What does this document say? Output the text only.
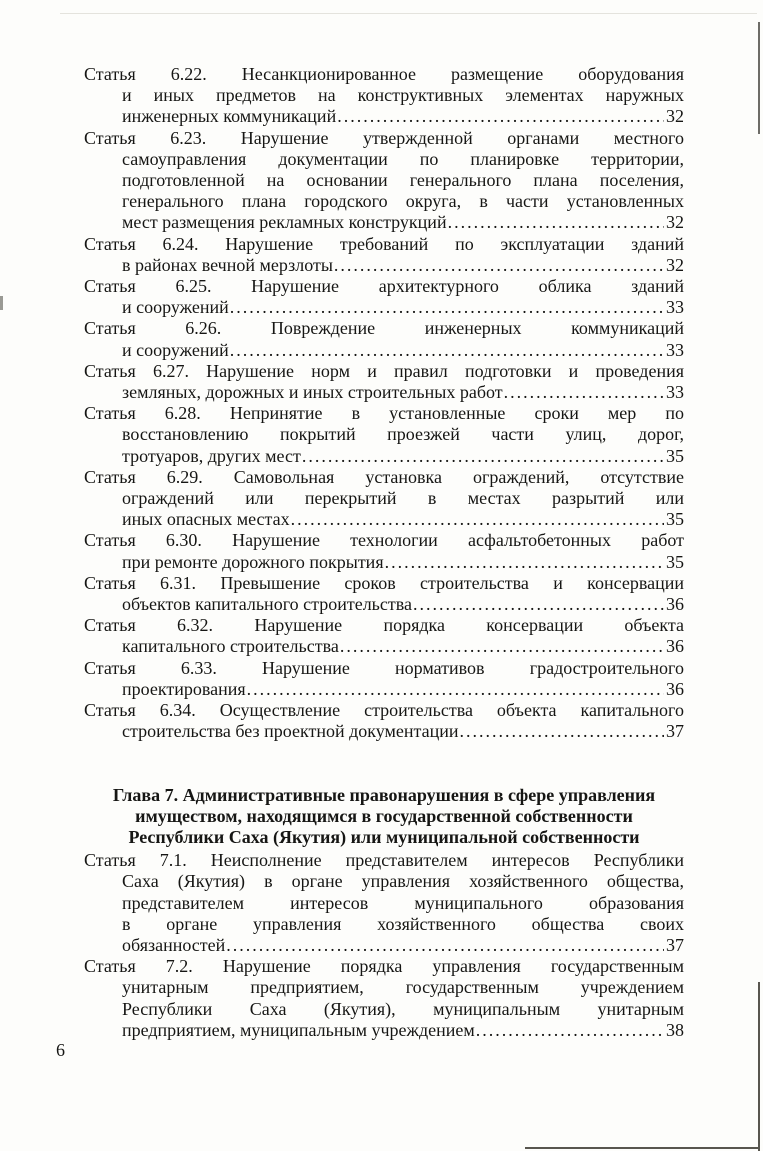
Статья 6.22. Несанкционированное размещение оборудования
и иных предметов на конструктивных элементах наружных
инженерных коммуникаций .....	32
Статья 6.23. Нарушение утвержденной органами местного
самоуправления документации по планировке территории,
подготовленной на основании генерального плана поселения,
генерального плана городского округа, в части установленных
мест размещения рекламных конструкций .....	32
Статья 6.24. Нарушение требований по эксплуатации зданий
в районах вечной мерзлоты .....	32
Статья 6.25. Нарушение архитектурного облика зданий
и сооружений .....	33
Статья 6.26. Повреждение инженерных коммуникаций
и сооружений .....	33
Статья 6.27. Нарушение норм и правил подготовки и проведения
земляных, дорожных и иных строительных работ .....	33
Статья 6.28. Непринятие в установленные сроки мер по
восстановлению покрытий проезжей части улиц, дорог,
тротуаров, других мест .....	35
Статья 6.29. Самовольная установка ограждений, отсутствие
ограждений или перекрытий в местах разрытий или
иных опасных местах .....	35
Статья 6.30. Нарушение технологии асфальтобетонных работ
при ремонте дорожного покрытия .....	35
Статья 6.31. Превышение сроков строительства и консервации
объектов капитального строительства .....	36
Статья 6.32. Нарушение порядка консервации объекта
капитального строительства .....	36
Статья 6.33. Нарушение нормативов градостроительного
проектирования .....	36
Статья 6.34. Осуществление строительства объекта капитального
строительства без проектной документации .....	37
Глава 7. Административные правонарушения в сфере управления
имуществом, находящимся в государственной собственности
Республики Саха (Якутия) или муниципальной собственности
Статья 7.1. Неисполнение представителем интересов Республики
Саха (Якутия) в органе управления хозяйственного общества,
представителем интересов муниципального образования
в органе управления хозяйственного общества своих
обязанностей .....	37
Статья 7.2. Нарушение порядка управления государственным
унитарным предприятием, государственным учреждением
Республики Саха (Якутия), муниципальным унитарным
предприятием, муниципальным учреждением .....	38
6
